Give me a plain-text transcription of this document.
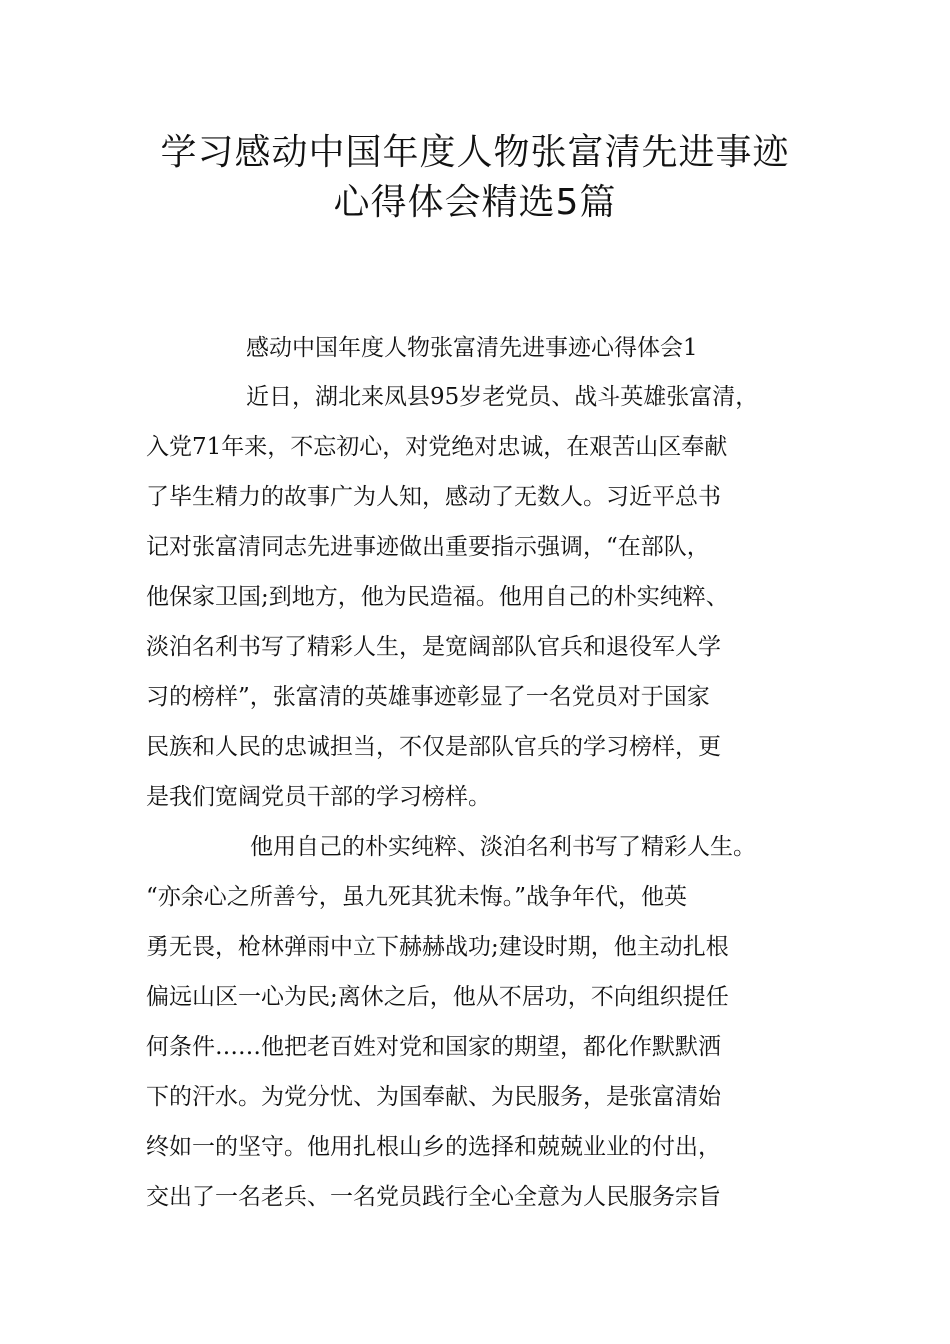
学习感动中国年度人物张富清先进事迹
心得体会精选5篇

感动中国年度人物张富清先进事迹心得体会1

近日，湖北来凤县95岁老党员、战斗英雄张富清，

入党71年来，不忘初心，对党绝对忠诚，在艰苦山区奉献

了毕生精力的故事广为人知，感动了无数人。习近平总书

记对张富清同志先进事迹做出重要指示强调，“在部队，

他保家卫国;到地方，他为民造福。他用自己的朴实纯粹、

淡泊名利书写了精彩人生，是宽阔部队官兵和退役军人学

习的榜样”，张富清的英雄事迹彰显了一名党员对于国家

民族和人民的忠诚担当，不仅是部队官兵的学习榜样，更

是我们宽阔党员干部的学习榜样。

他用自己的朴实纯粹、淡泊名利书写了精彩人生。

“亦余心之所善兮，虽九死其犹未悔。”战争年代，他英

勇无畏，枪林弹雨中立下赫赫战功;建设时期，他主动扎根

偏远山区一心为民;离休之后，他从不居功，不向组织提任

何条件……他把老百姓对党和国家的期望，都化作默默洒

下的汗水。为党分忧、为国奉献、为民服务，是张富清始

终如一的坚守。他用扎根山乡的选择和兢兢业业的付出，

交出了一名老兵、一名党员践行全心全意为人民服务宗旨
